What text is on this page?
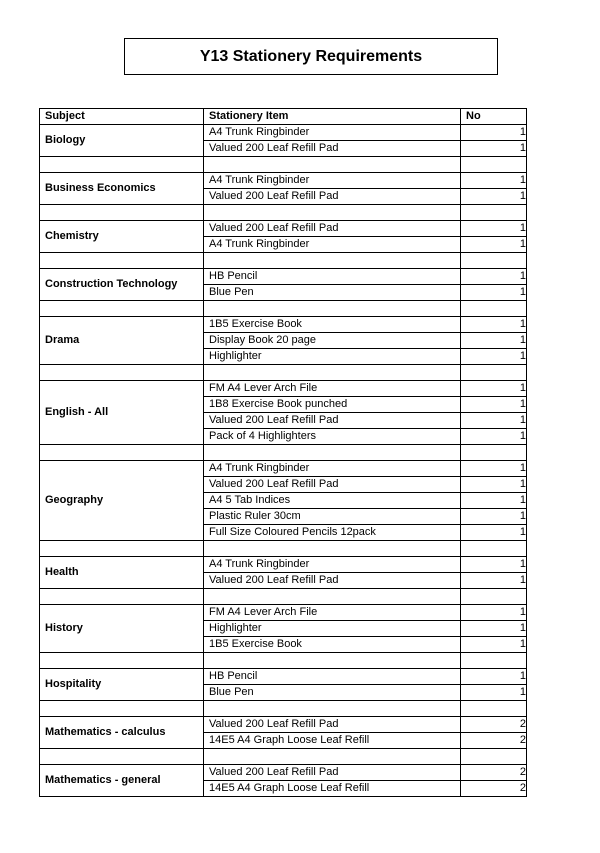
Y13 Stationery Requirements
Subject	Stationery Item	No
Biology	A4 Trunk Ringbinder	1
	Valued 200 Leaf Refill Pad	1

Business Economics	A4 Trunk Ringbinder	1
	Valued 200 Leaf Refill Pad	1

Chemistry	Valued 200 Leaf Refill Pad	1
	A4 Trunk Ringbinder	1

Construction Technology	HB Pencil	1
	Blue Pen	1

Drama	1B5 Exercise Book	1
	Display Book 20 page	1
	Highlighter	1

English - All	FM A4 Lever Arch File	1
	1B8 Exercise Book punched	1
	Valued 200 Leaf Refill Pad	1
	Pack of 4 Highlighters	1

Geography	A4 Trunk Ringbinder	1
	Valued 200 Leaf Refill Pad	1
	A4 5 Tab Indices	1
	Plastic Ruler 30cm	1
	Full Size Coloured Pencils 12pack	1

Health	A4 Trunk Ringbinder	1
	Valued 200 Leaf Refill Pad	1

History	FM A4 Lever Arch File	1
	Highlighter	1
	1B5 Exercise Book	1

Hospitality	HB Pencil	1
	Blue Pen	1

Mathematics - calculus	Valued 200 Leaf Refill Pad	2
	14E5 A4 Graph Loose Leaf Refill	2

Mathematics - general	Valued 200 Leaf Refill Pad	2
	14E5 A4 Graph Loose Leaf Refill	2
